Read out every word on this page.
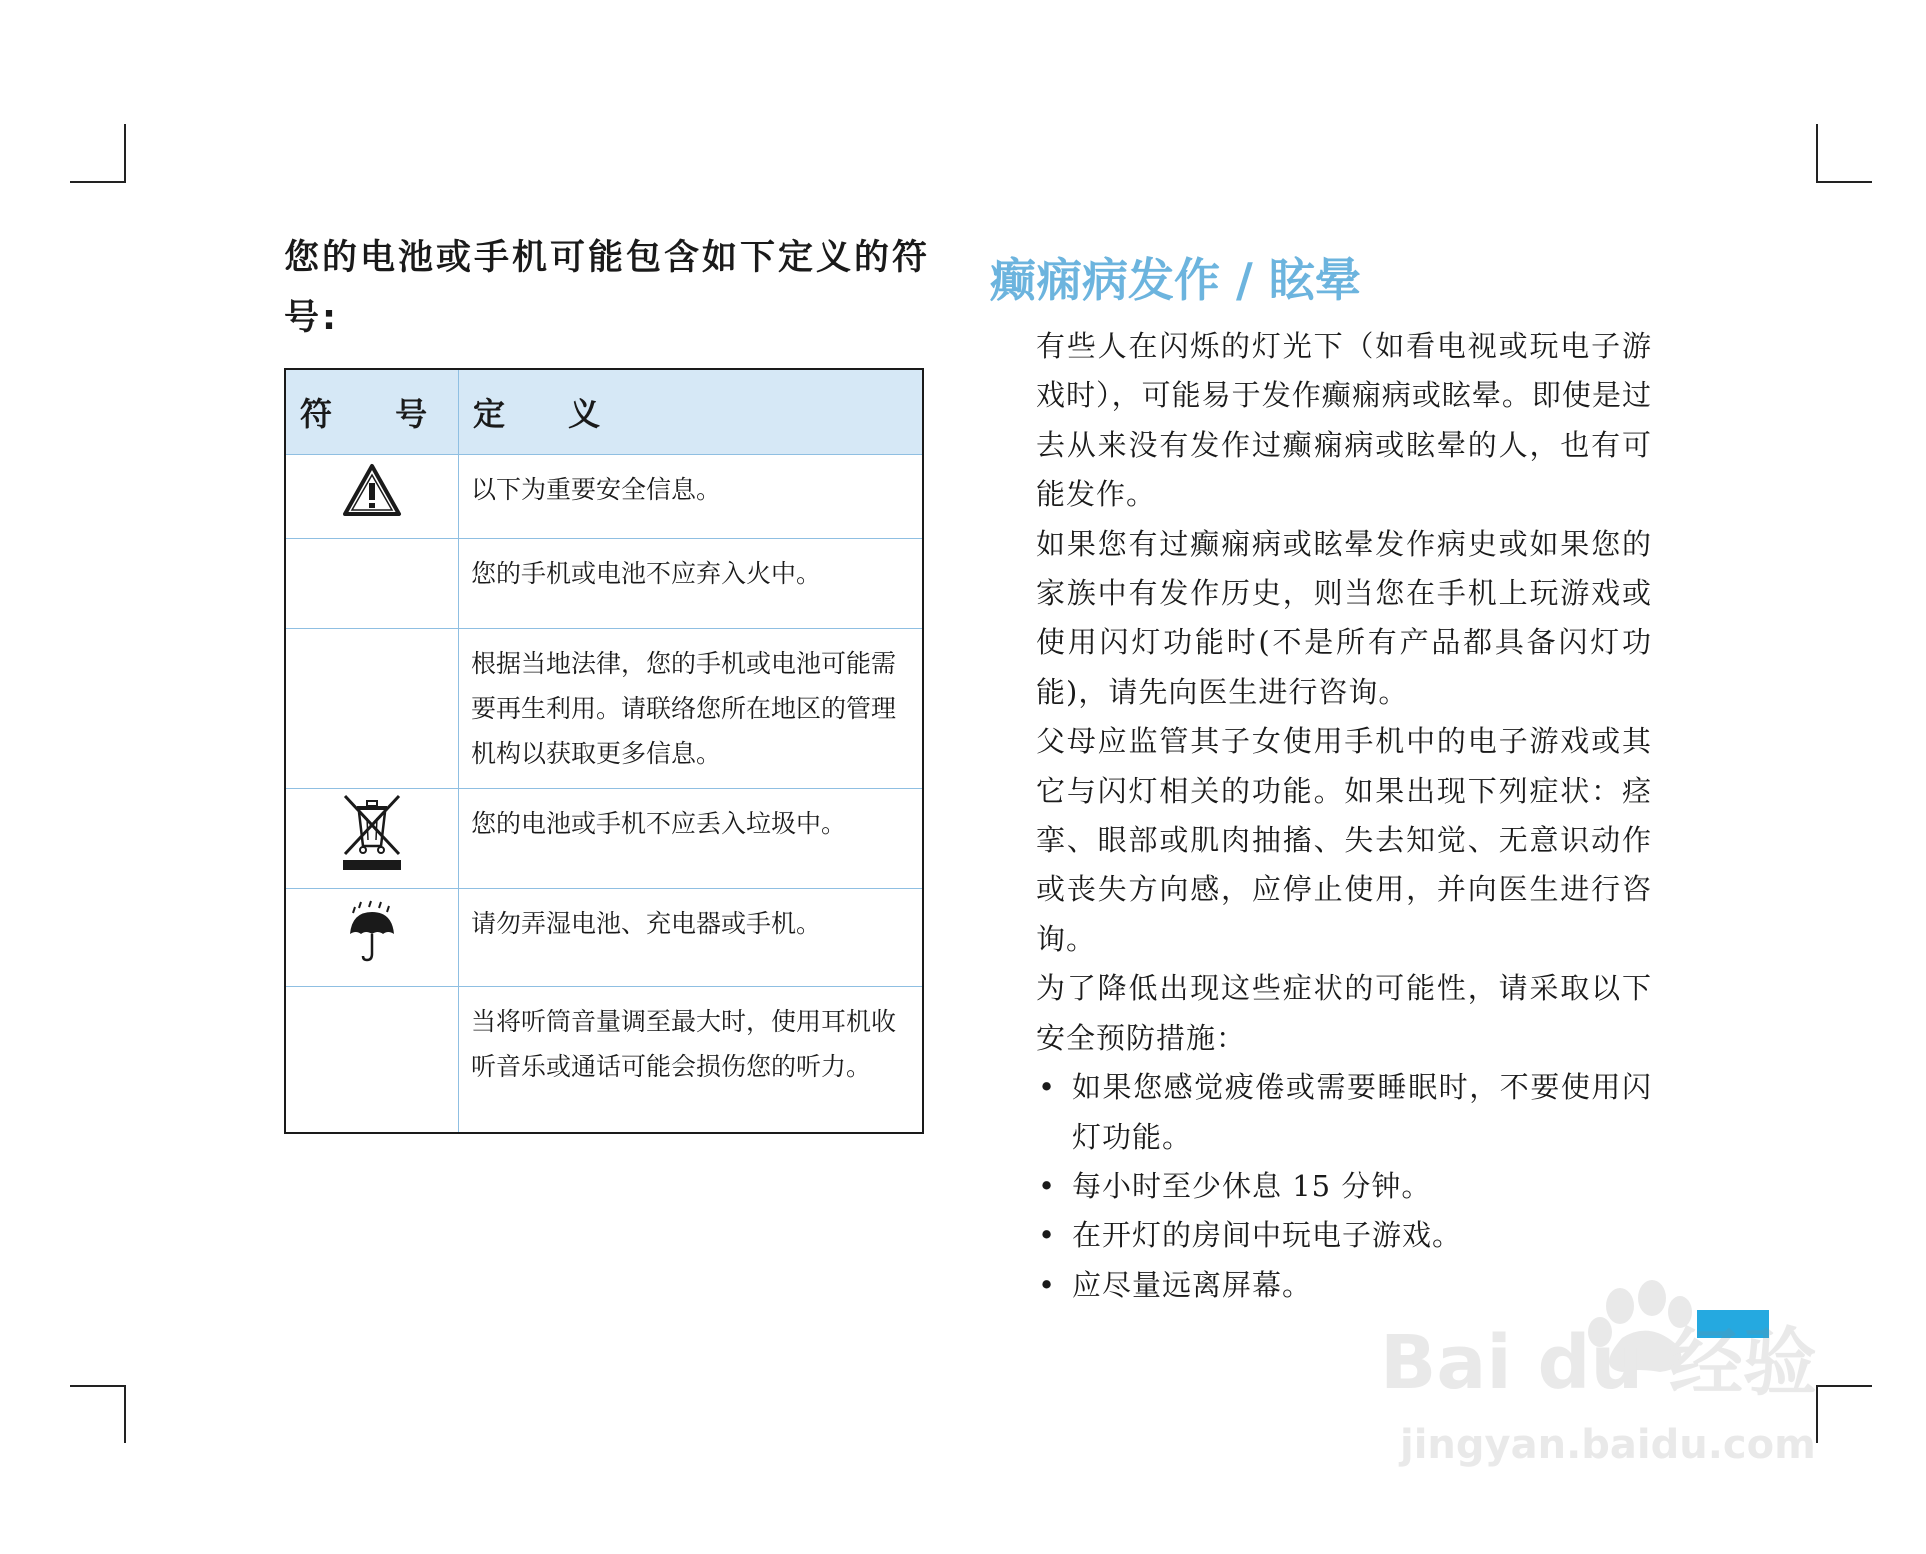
您的电池或手机可能包含如下定义的符号:
符 号	定 义
	以下为重要安全信息。
	您的手机或电池不应弃入火中。
	根据当地法律，您的手机或电池可能需要再生利用。请联络您所在地区的管理机构以获取更多信息。
	您的电池或手机不应丢入垃圾中。
	请勿弄湿电池、充电器或手机。
	当将听筒音量调至最大时，使用耳机收听音乐或通话可能会损伤您的听力。
癫痫病发作 / 眩晕

有些人在闪烁的灯光下（如看电视或玩电子游戏时），可能易于发作癫痫病或眩晕。即使是过去从来没有发作过癫痫病或眩晕的人，也有可能发作。

如果您有过癫痫病或眩晕发作病史或如果您的家族中有发作历史，则当您在手机上玩游戏或使用闪灯功能时(不是所有产品都具备闪灯功能)，请先向医生进行咨询。

父母应监管其子女使用手机中的电子游戏或其它与闪灯相关的功能。如果出现下列症状：痉挛、眼部或肌肉抽搐、失去知觉、无意识动作或丧失方向感，应停止使用，并向医生进行咨询。

为了降低出现这些症状的可能性，请采取以下安全预防措施：

• 如果您感觉疲倦或需要睡眠时，不要使用闪灯功能。
• 每小时至少休息 15 分钟。
• 在开灯的房间中玩电子游戏。
• 应尽量远离屏幕。
Bai du 经验
jingyan.baidu.com
